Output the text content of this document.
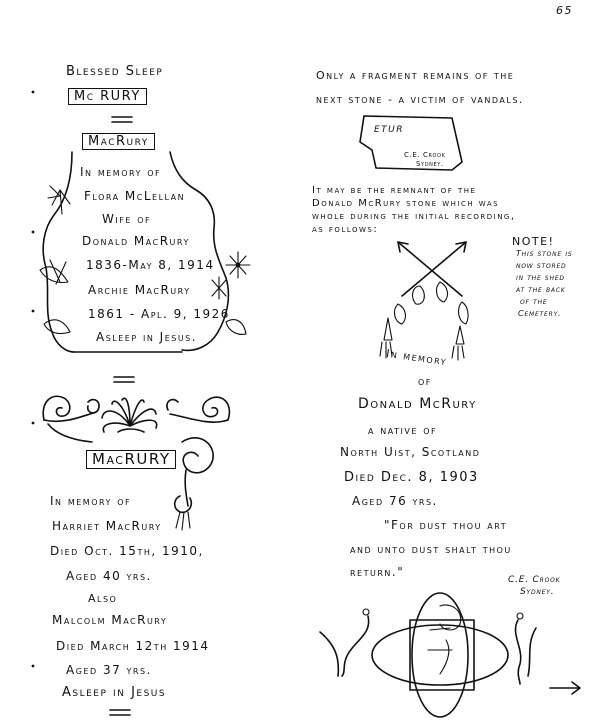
65
Blessed Sleep
Mc RURY
MacRury
In memory of
Flora McLellan
Wife of
Donald MacRury
1836-May 8, 1914
Archie MacRury
1861 - Apl. 9, 1926
Asleep in Jesus.
MacRURY
In memory of
Harriet MacRury
Died Oct. 15th, 1910,
Aged 40 yrs.
Also
Malcolm MacRury
Died March 12th 1914
Aged 37 yrs.
Asleep in Jesus
Only a fragment remains of the
next stone - a victim of vandals.
etur
C.E. Crook
Sydney.
It may be the remnant of the
Donald McRury stone which was
whole during the initial recording,
as follows:
NOTE!
This stone is
now stored
in the shed
at the back
of the
Cemetery.
In memory
of
Donald McRury
a native of
North Uist, Scotland
Died Dec. 8, 1903
Aged 76 yrs.
"For dust thou art
and unto dust shalt thou
return."
C.E. Crook
Sydney.
